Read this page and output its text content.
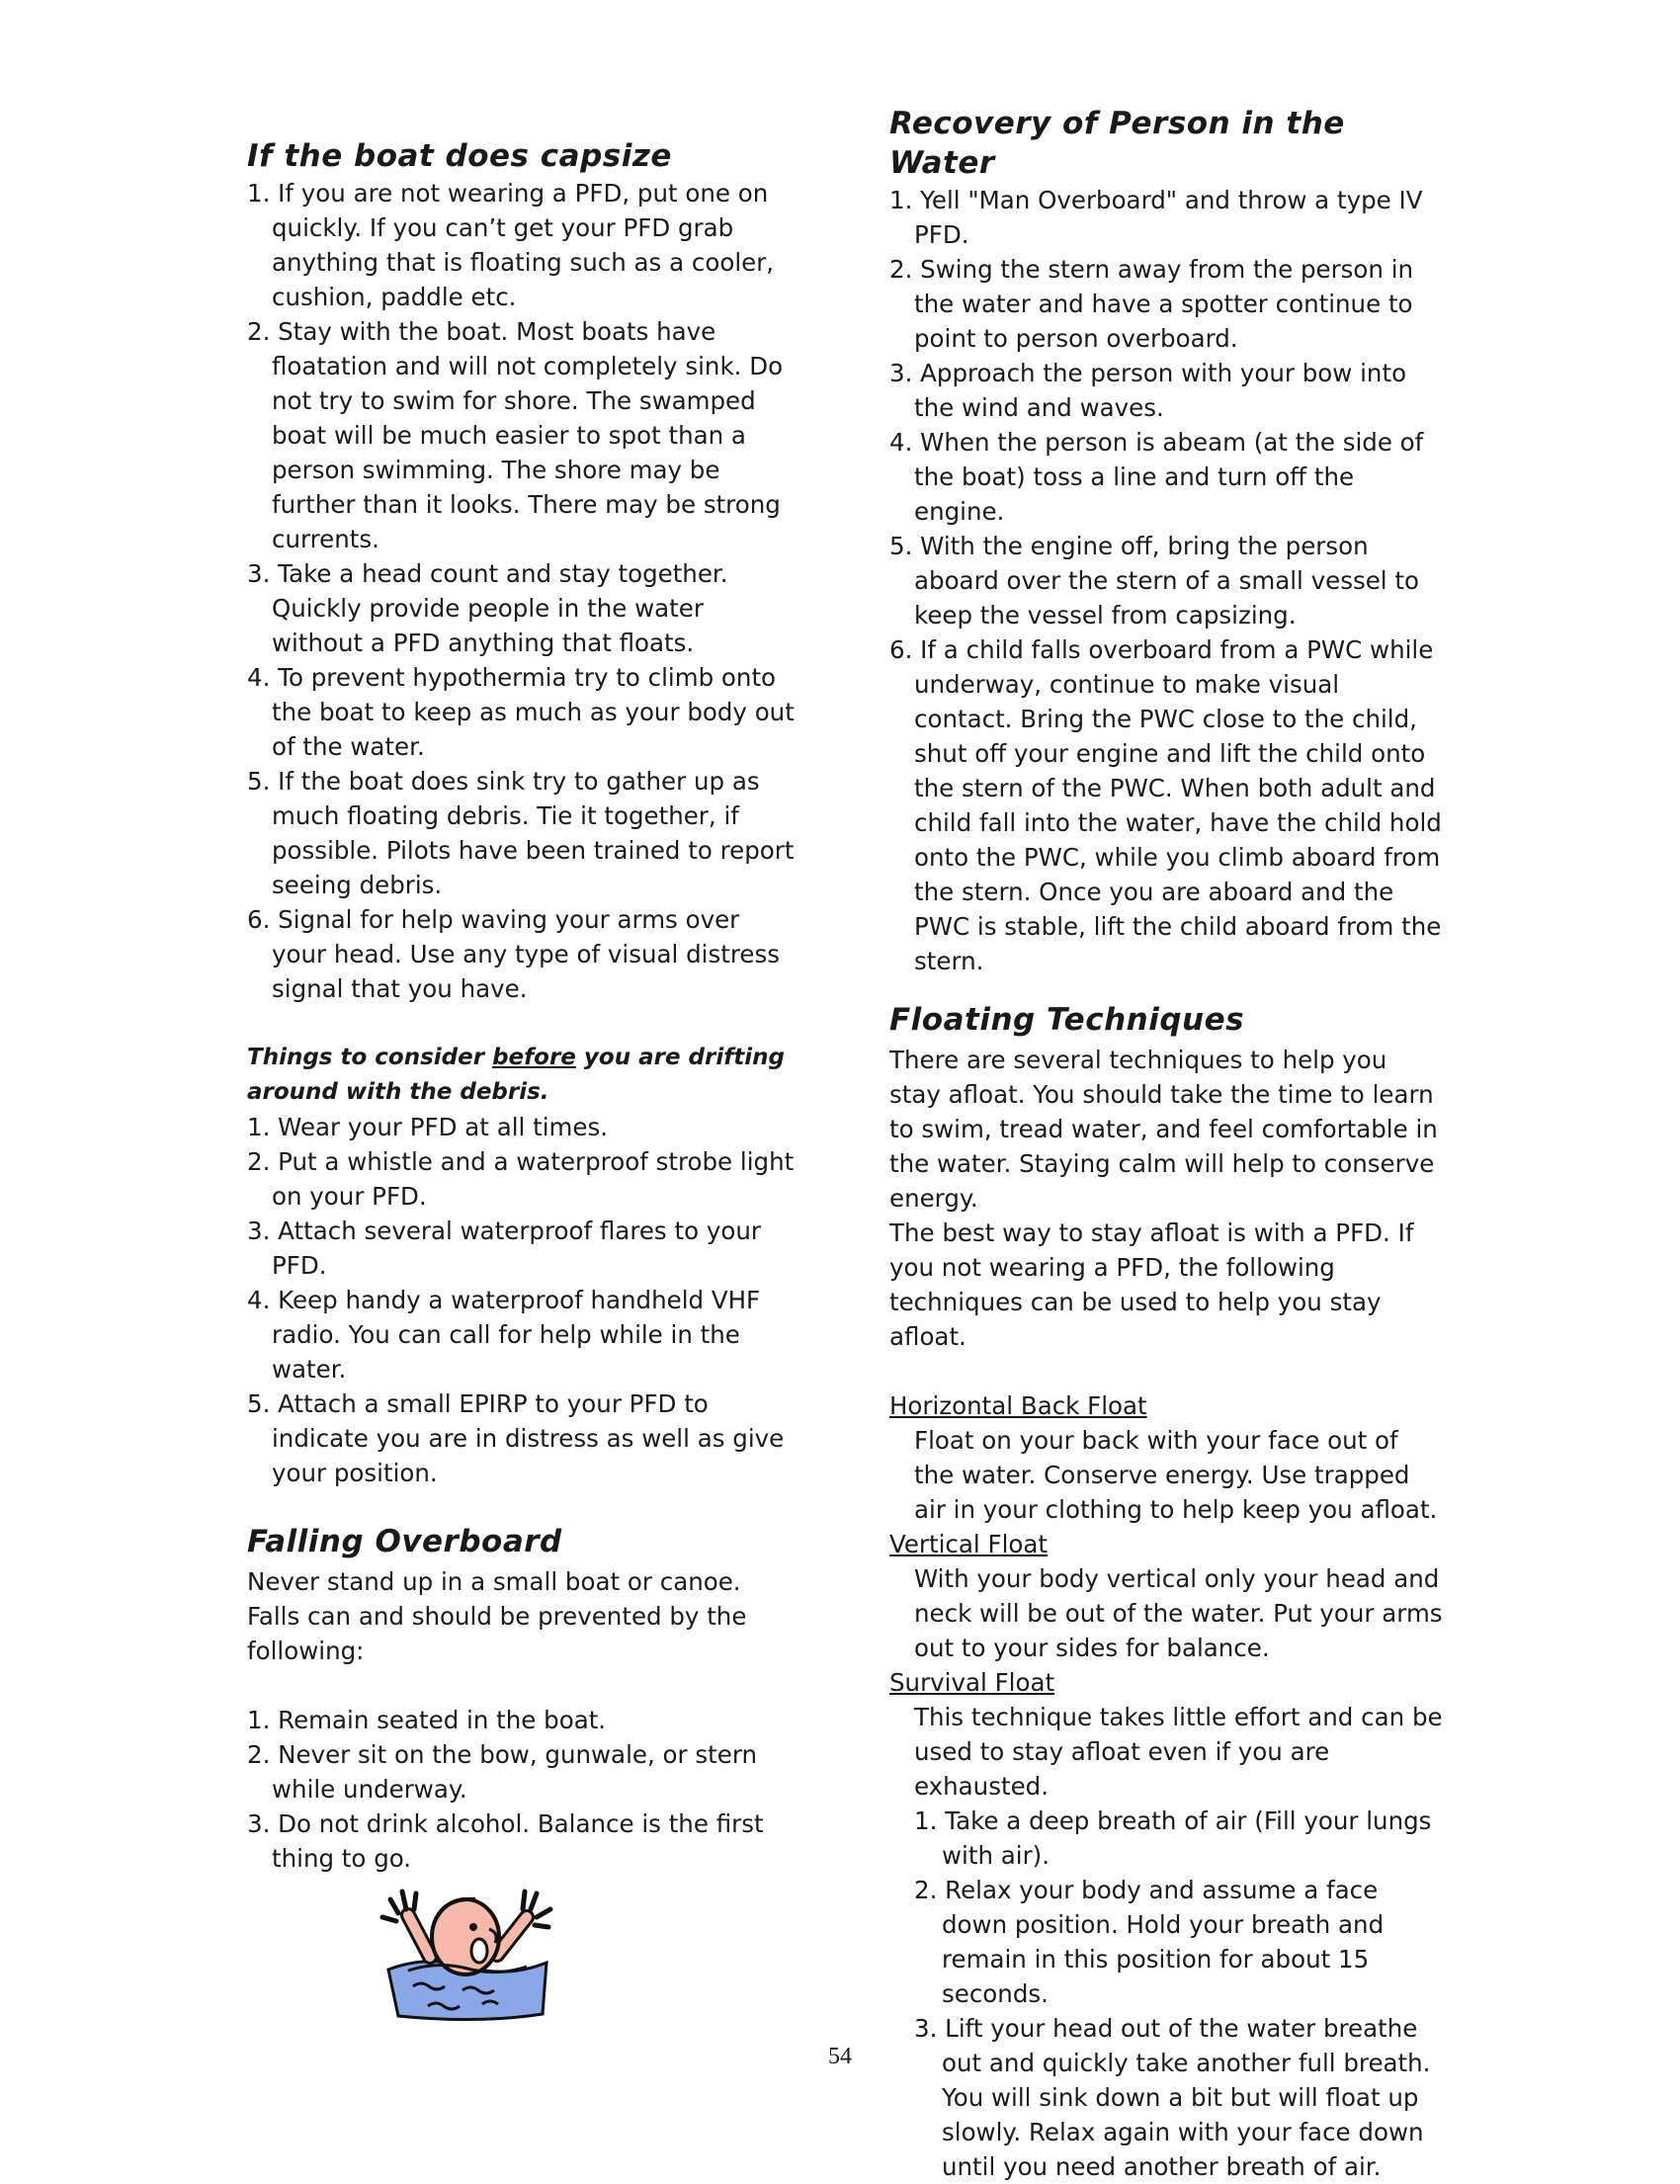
If the boat does capsize
1. If you are not wearing a PFD, put one on quickly. If you can’t get your PFD grab anything that is floating such as a cooler, cushion, paddle etc.
2. Stay with the boat. Most boats have floatation and will not completely sink. Do not try to swim for shore. The swamped boat will be much easier to spot than a person swimming. The shore may be further than it looks. There may be strong currents.
3. Take a head count and stay together. Quickly provide people in the water without a PFD anything that floats.
4. To prevent hypothermia try to climb onto the boat to keep as much as your body out of the water.
5. If the boat does sink try to gather up as much floating debris. Tie it together, if possible. Pilots have been trained to report seeing debris.
6. Signal for help waving your arms over your head. Use any type of visual distress signal that you have.
Things to consider before you are drifting around with the debris.
1. Wear your PFD at all times.
2. Put a whistle and a waterproof strobe light on your PFD.
3. Attach several waterproof flares to your PFD.
4. Keep handy a waterproof handheld VHF radio. You can call for help while in the water.
5. Attach a small EPIRP to your PFD to indicate you are in distress as well as give your position.
Falling Overboard

Never stand up in a small boat or canoe. Falls can and should be prevented by the following:

1. Remain seated in the boat.
2. Never sit on the bow, gunwale, or stern while underway.
3. Do not drink alcohol. Balance is the first thing to go.
Recovery of Person in the Water
1. Yell "Man Overboard" and throw a type IV PFD.
2. Swing the stern away from the person in the water and have a spotter continue to point to person overboard.
3. Approach the person with your bow into the wind and waves.
4. When the person is abeam (at the side of the boat) toss a line and turn off the engine.
5. With the engine off, bring the person aboard over the stern of a small vessel to keep the vessel from capsizing.
6. If a child falls overboard from a PWC while underway, continue to make visual contact. Bring the PWC close to the child, shut off your engine and lift the child onto the stern of the PWC. When both adult and child fall into the water, have the child hold onto the PWC, while you climb aboard from the stern. Once you are aboard and the PWC is stable, lift the child aboard from the stern.
Floating Techniques

There are several techniques to help you stay afloat. You should take the time to learn to swim, tread water, and feel comfortable in the water. Staying calm will help to conserve energy.

The best way to stay afloat is with a PFD. If you not wearing a PFD, the following techniques can be used to help you stay afloat.

Horizontal Back Float

Float on your back with your face out of the water. Conserve energy. Use trapped air in your clothing to help keep you afloat.

Vertical Float

With your body vertical only your head and neck will be out of the water. Put your arms out to your sides for balance.

Survival Float

This technique takes little effort and can be used to stay afloat even if you are exhausted.

1. Take a deep breath of air (Fill your lungs with air).
2. Relax your body and assume a face down position. Hold your breath and remain in this position for about 15 seconds.
3. Lift your head out of the water breathe out and quickly take another full breath. You will sink down a bit but will float up slowly. Relax again with your face down until you need another breath of air.
54
